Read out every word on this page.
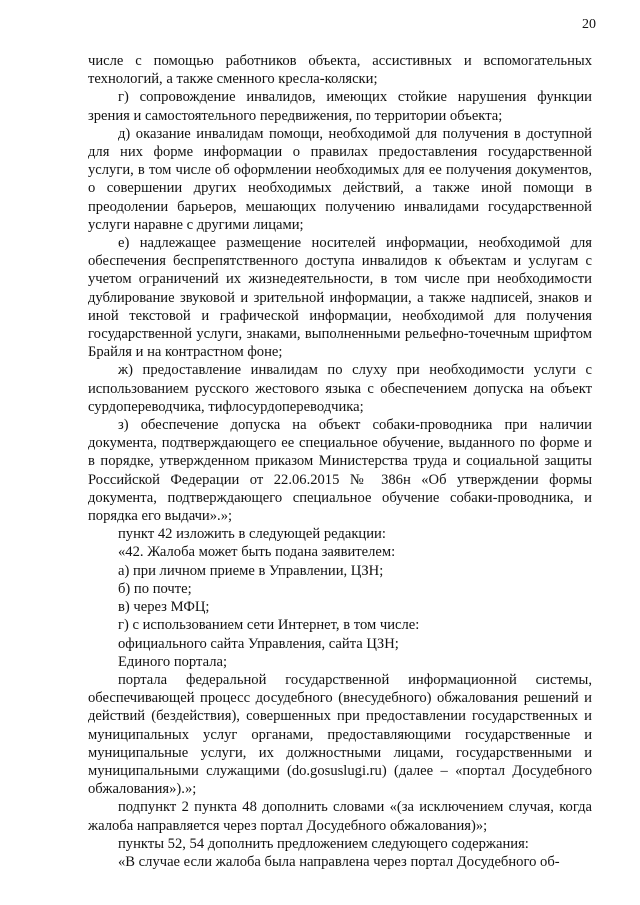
20

числе с помощью работников объекта, ассистивных и вспомогательных технологий, а также сменного кресла-коляски;

г) сопровождение инвалидов, имеющих стойкие нарушения функции зрения и самостоятельного передвижения, по территории объекта;

д) оказание инвалидам помощи, необходимой для получения в доступной для них форме информации о правилах предоставления государственной услуги, в том числе об оформлении необходимых для ее получения документов, о совершении других необходимых действий, а также иной помощи в преодолении барьеров, мешающих получению инвалидами государственной услуги наравне с другими лицами;

е) надлежащее размещение носителей информации, необходимой для обеспечения беспрепятственного доступа инвалидов к объектам и услугам с учетом ограничений их жизнедеятельности, в том числе при необходимости дублирование звуковой и зрительной информации, а также надписей, знаков и иной текстовой и графической информации, необходимой для получения государственной услуги, знаками, выполненными рельефно-точечным шрифтом Брайля и на контрастном фоне;

ж) предоставление инвалидам по слуху при необходимости услуги с использованием русского жестового языка с обеспечением допуска на объект сурдопереводчика, тифлосурдопереводчика;

з) обеспечение допуска на объект собаки-проводника при наличии документа, подтверждающего ее специальное обучение, выданного по форме и в порядке, утвержденном приказом Министерства труда и социальной защиты Российской Федерации от 22.06.2015 № 386н «Об утверждении формы документа, подтверждающего специальное обучение собаки-проводника, и порядка его выдачи».»;

пункт 42 изложить в следующей редакции:

«42. Жалоба может быть подана заявителем:

а) при личном приеме в Управлении, ЦЗН;

б) по почте;

в) через МФЦ;

г) с использованием сети Интернет, в том числе:

официального сайта Управления, сайта ЦЗН;

Единого портала;

портала федеральной государственной информационной системы, обеспечивающей процесс досудебного (внесудебного) обжалования решений и действий (бездействия), совершенных при предоставлении государственных и муниципальных услуг органами, предоставляющими государственные и муниципальные услуги, их должностными лицами, государственными и муниципальными служащими (do.gosuslugi.ru) (далее – «портал Досудебного обжалования»).»;

подпункт 2 пункта 48 дополнить словами «(за исключением случая, когда жалоба направляется через портал Досудебного обжалования)»;

пункты 52, 54 дополнить предложением следующего содержания:

«В случае если жалоба была направлена через портал Досудебного об-
